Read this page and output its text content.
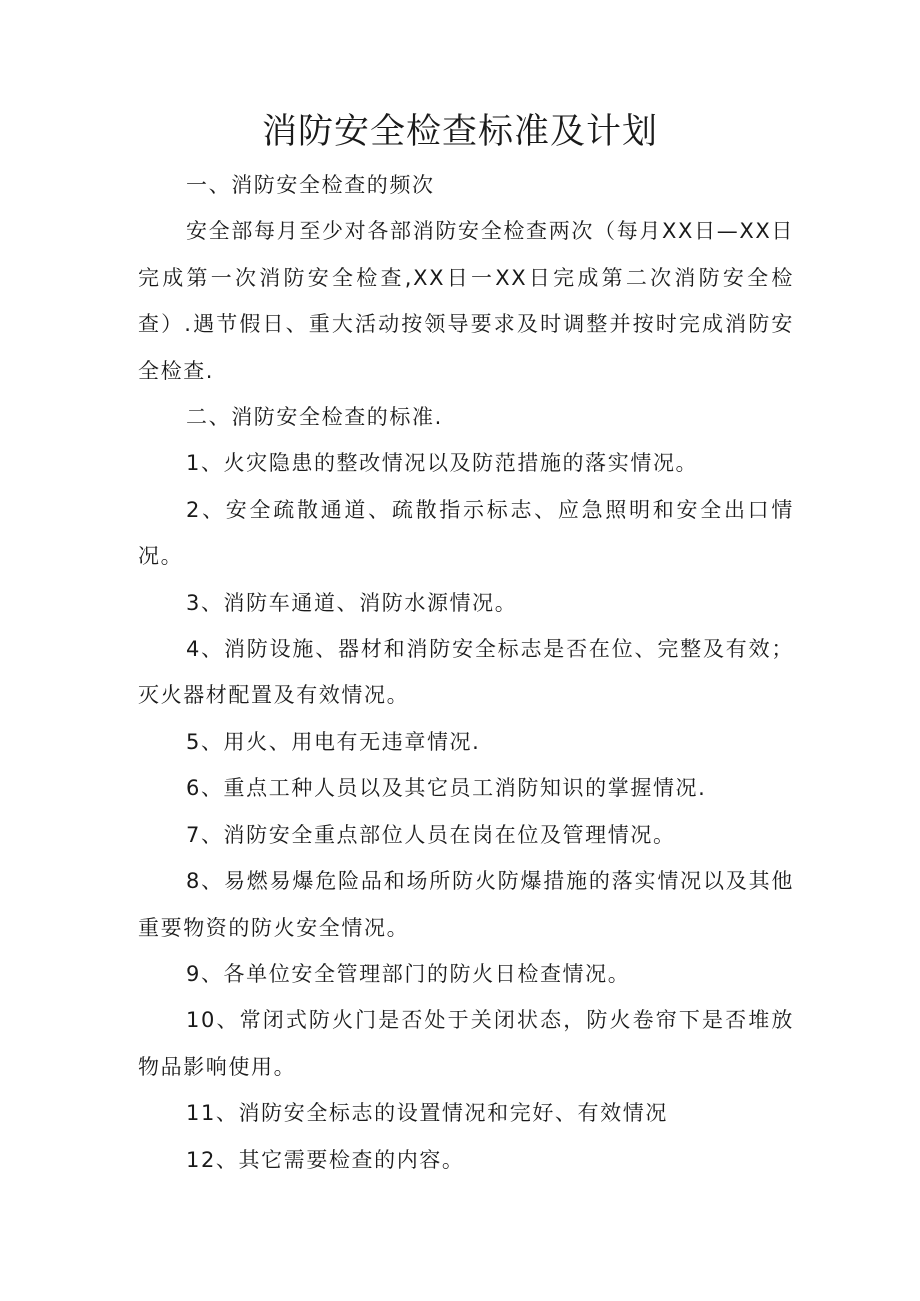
消防安全检查标准及计划

一、消防安全检查的频次

安全部每月至少对各部消防安全检查两次（每月XX日—XX日完成第一次消防安全检查,XX日一XX日完成第二次消防安全检查）.遇节假日、重大活动按领导要求及时调整并按时完成消防安全检查.

二、消防安全检查的标准.

1、火灾隐患的整改情况以及防范措施的落实情况。

2、安全疏散通道、疏散指示标志、应急照明和安全出口情况。

3、消防车通道、消防水源情况。

4、消防设施、器材和消防安全标志是否在位、完整及有效；灭火器材配置及有效情况。

5、用火、用电有无违章情况.

6、重点工种人员以及其它员工消防知识的掌握情况.

7、消防安全重点部位人员在岗在位及管理情况。

8、易燃易爆危险品和场所防火防爆措施的落实情况以及其他重要物资的防火安全情况。

9、各单位安全管理部门的防火日检查情况。

10、常闭式防火门是否处于关闭状态，防火卷帘下是否堆放物品影响使用。

11、消防安全标志的设置情况和完好、有效情况

12、其它需要检查的内容。
